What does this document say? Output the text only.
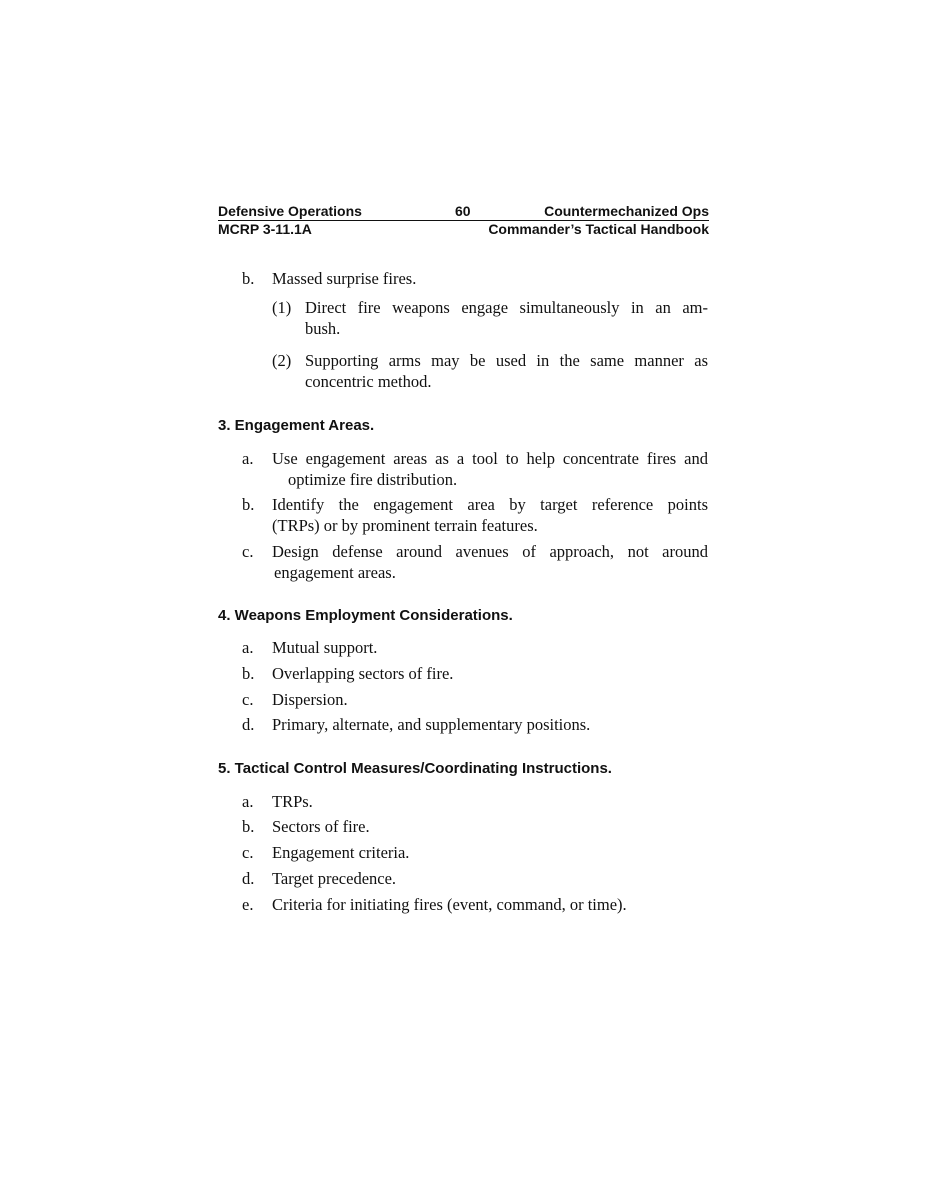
Defensive Operations	60	Countermechanized Ops
MCRP 3-11.1A	Commander’s Tactical Handbook
b. Massed surprise fires.
(1) Direct fire weapons engage simultaneously in an am-
bush.
(2) Supporting arms may be used in the same manner as
concentric method.
3. Engagement Areas.
a. Use engagement areas as a tool to help concentrate fires and
optimize fire distribution.
b. Identify the engagement area by target reference points
(TRPs) or by prominent terrain features.
c. Design defense around avenues of approach, not around
engagement areas.
4. Weapons Employment Considerations.
a. Mutual support.
b. Overlapping sectors of fire.
c. Dispersion.
d. Primary, alternate, and supplementary positions.
5. Tactical Control Measures/Coordinating Instructions.
a. TRPs.
b. Sectors of fire.
c. Engagement criteria.
d. Target precedence.
e. Criteria for initiating fires (event, command, or time).
